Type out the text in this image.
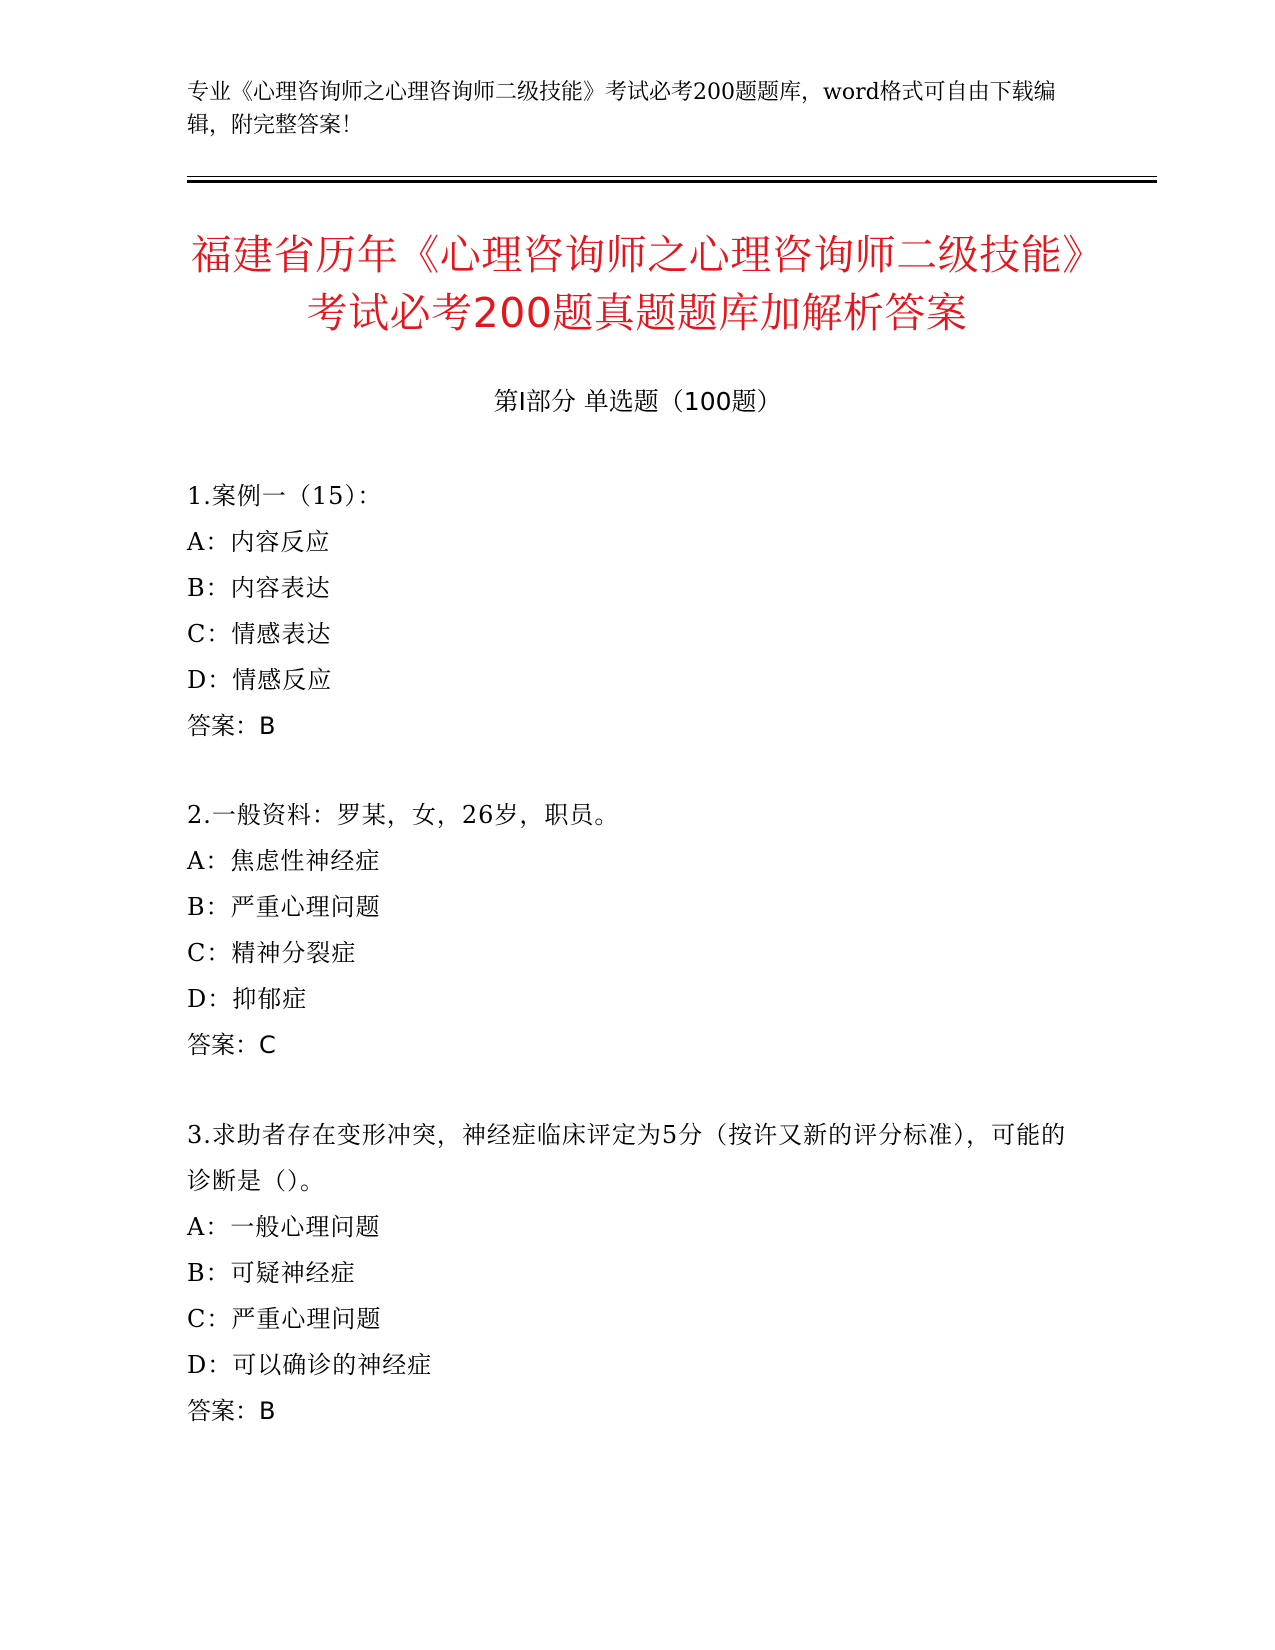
专业《心理咨询师之心理咨询师二级技能》考试必考200题题库，word格式可自由下载编辑，附完整答案！
福建省历年《心理咨询师之心理咨询师二级技能》考试必考200题真题题库加解析答案
第Ⅰ部分 单选题（100题）
1.案例一（15）：
A：内容反应
B：内容表达
C：情感表达
D：情感反应
答案：B
2.一般资料：罗某，女，26岁，职员。
A：焦虑性神经症
B：严重心理问题
C：精神分裂症
D：抑郁症
答案：C
3.求助者存在变形冲突，神经症临床评定为5分（按许又新的评分标准），可能的诊断是（）。
A：一般心理问题
B：可疑神经症
C：严重心理问题
D：可以确诊的神经症
答案：B
